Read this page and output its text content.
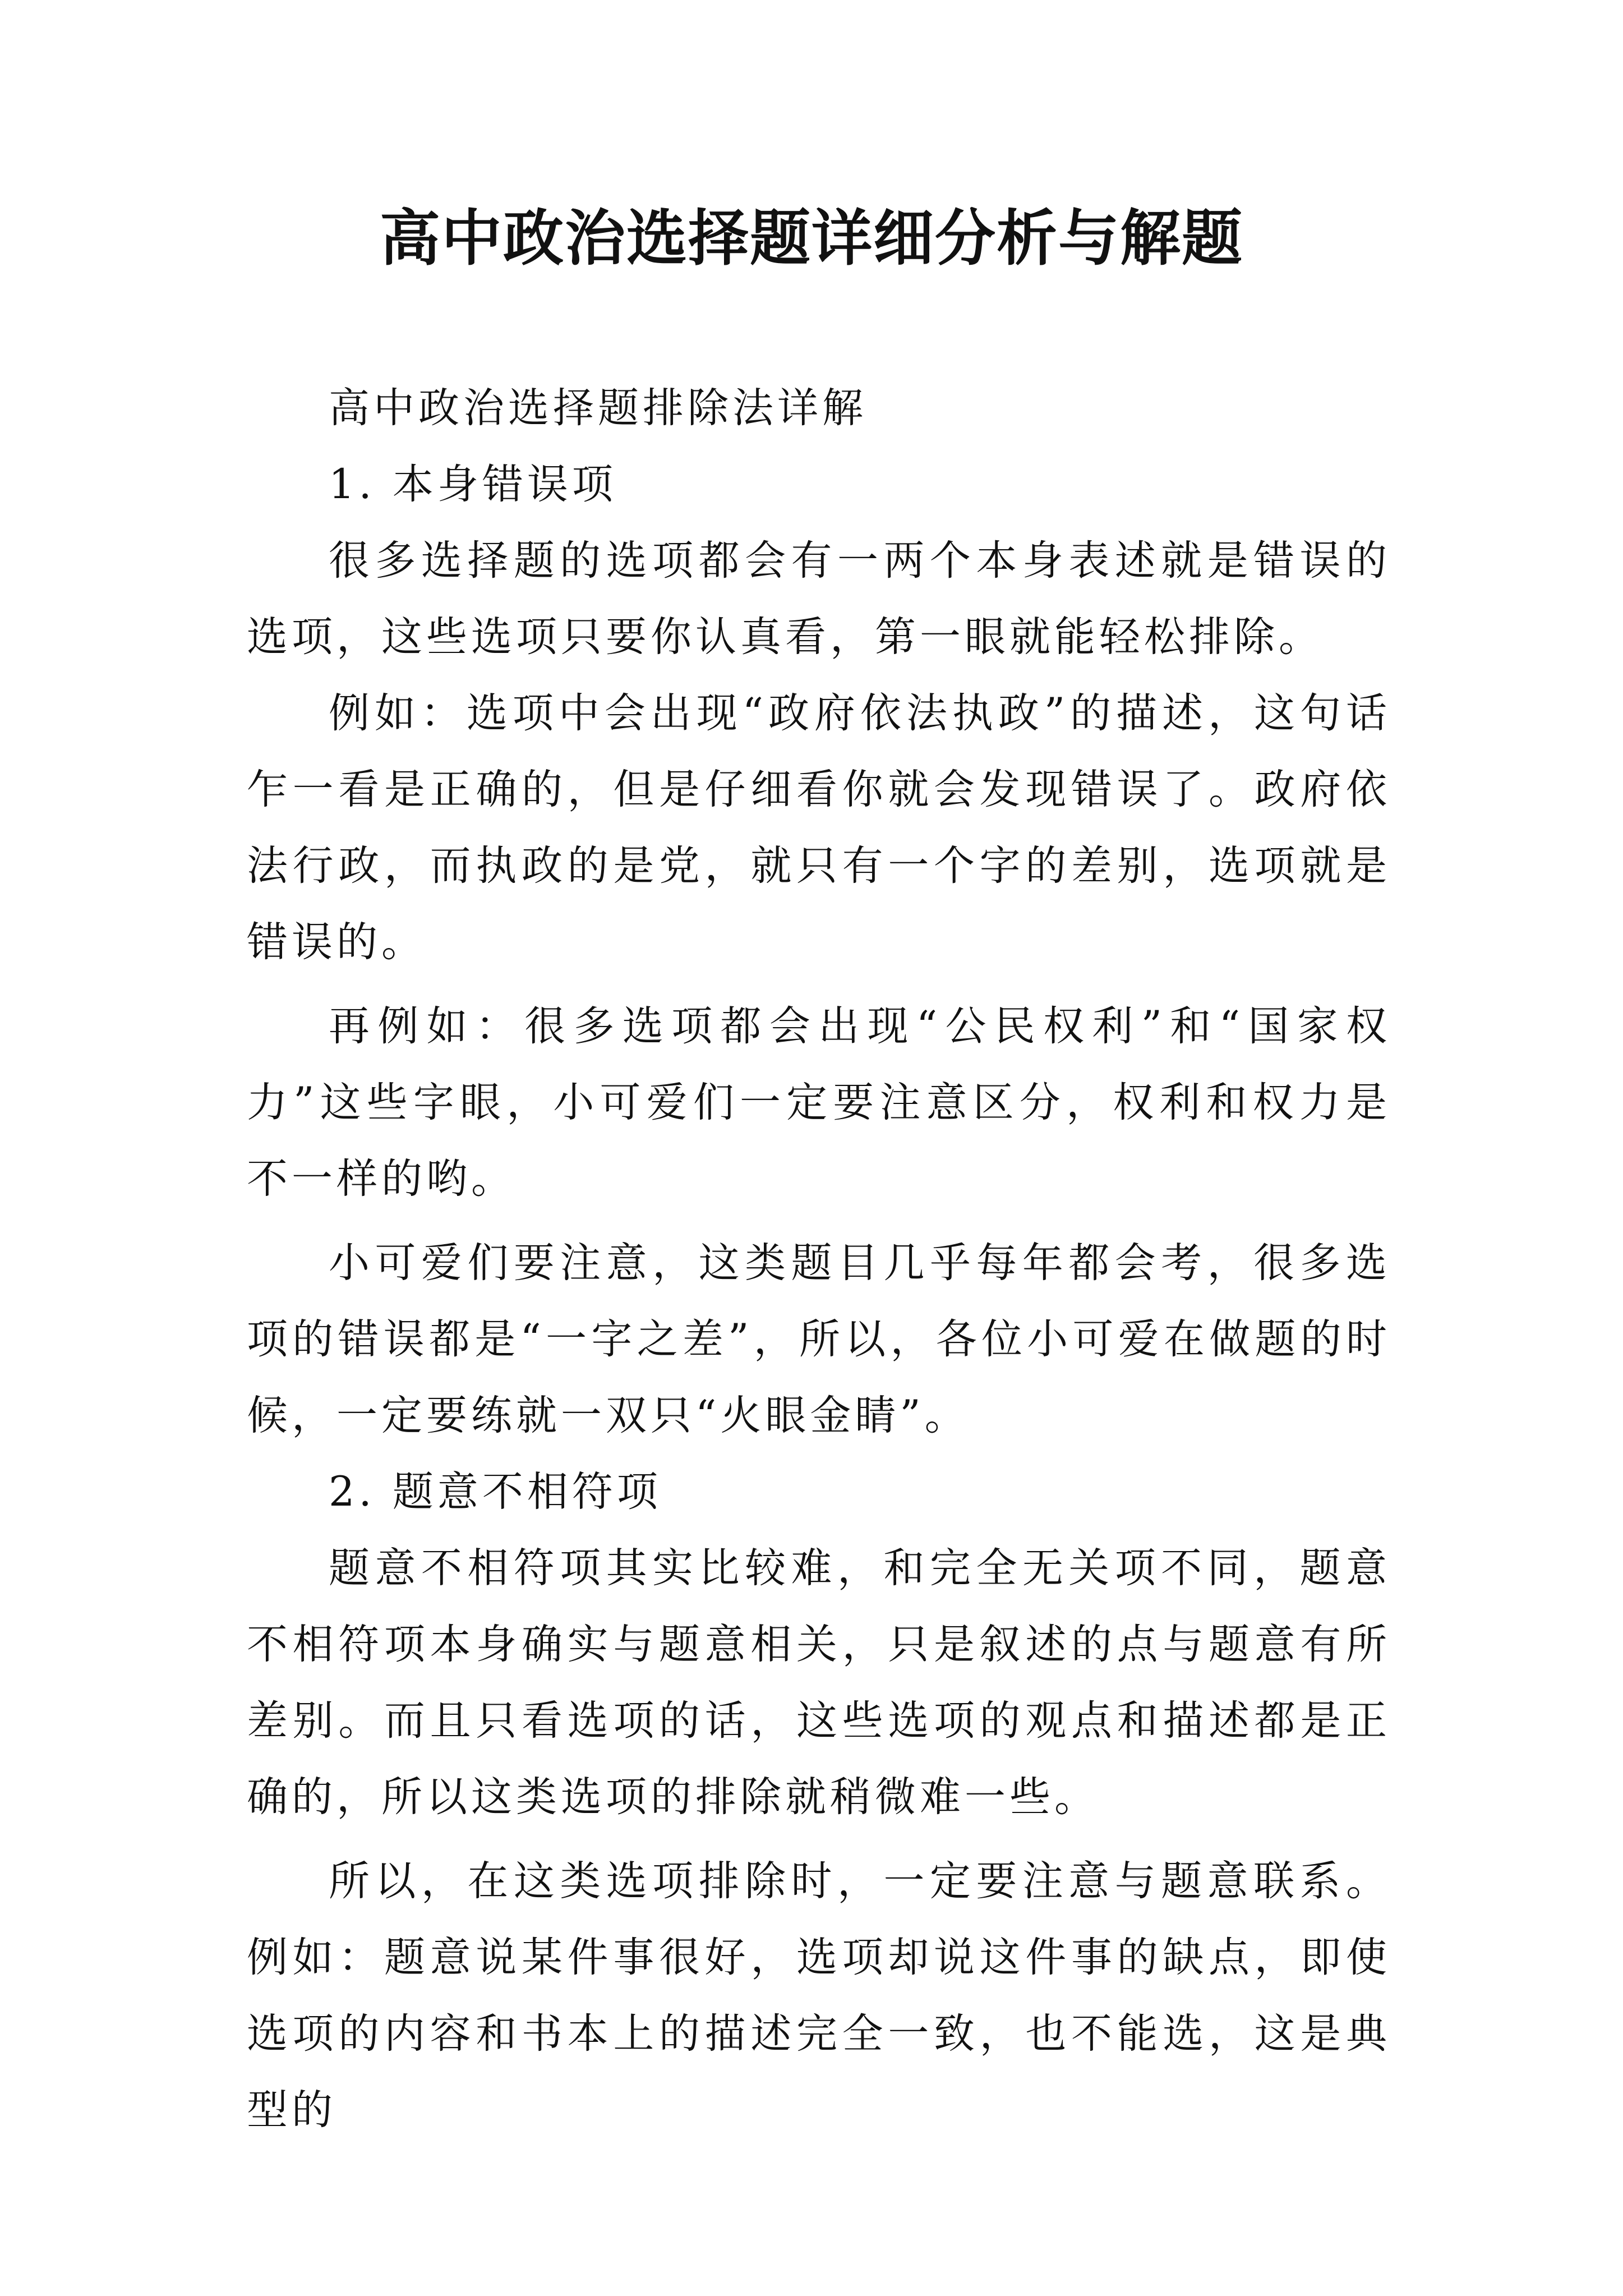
高中政治选择题详细分析与解题

高中政治选择题排除法详解

1. 本身错误项

很多选择题的选项都会有一两个本身表述就是错误的选项，这些选项只要你认真看，第一眼就能轻松排除。

例如：选项中会出现“政府依法执政”的描述，这句话乍一看是正确的，但是仔细看你就会发现错误了。政府依法行政，而执政的是党，就只有一个字的差别，选项就是错误的。

再例如：很多选项都会出现“公民权利”和“国家权力”这些字眼，小可爱们一定要注意区分，权利和权力是不一样的哟。

小可爱们要注意，这类题目几乎每年都会考，很多选项的错误都是“一字之差”，所以，各位小可爱在做题的时候，一定要练就一双只“火眼金睛”。

2. 题意不相符项

题意不相符项其实比较难，和完全无关项不同，题意不相符项本身确实与题意相关，只是叙述的点与题意有所差别。而且只看选项的话，这些选项的观点和描述都是正确的，所以这类选项的排除就稍微难一些。

所以，在这类选项排除时，一定要注意与题意联系。例如：题意说某件事很好，选项却说这件事的缺点，即使选项的内容和书本上的描述完全一致，也不能选，这是典型的
